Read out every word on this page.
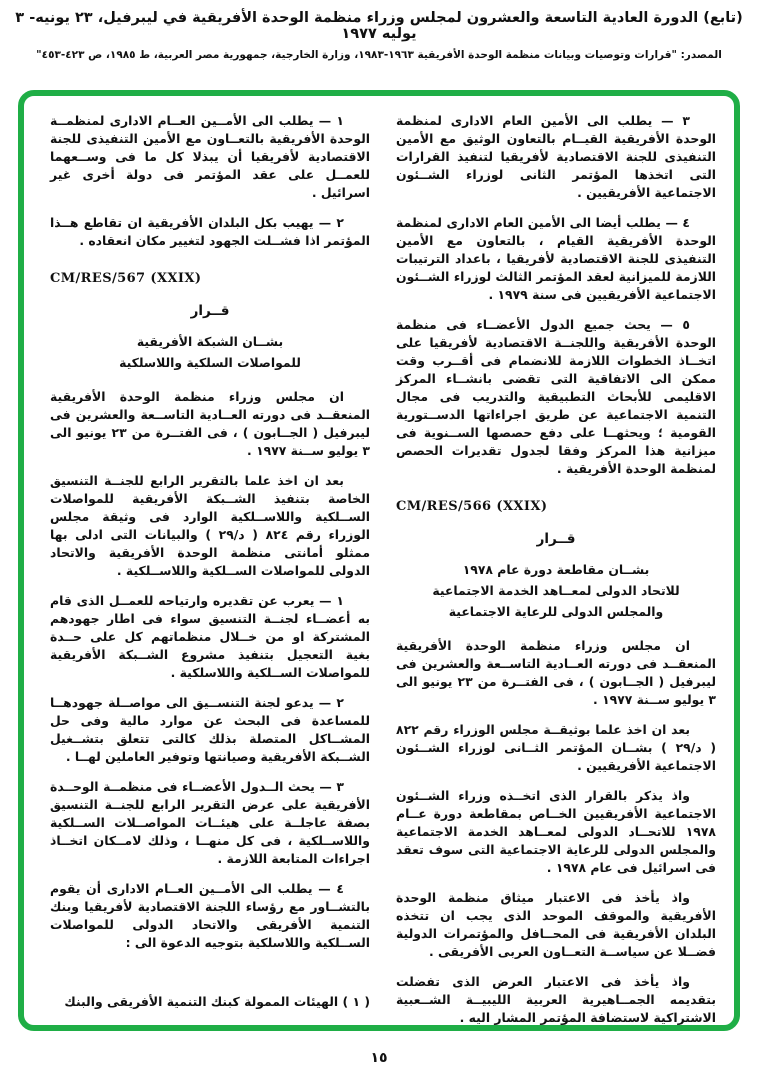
(تابع) الدورة العادية التاسعة والعشرون لمجلس وزراء منظمة الوحدة الأفريقية في ليبرفيل، ٢٣ يونيه- ٣ يوليه ١٩٧٧
المصدر: "قرارات وتوصيات وبيانات منظمة الوحدة الأفريقية ١٩٦٣-١٩٨٣، وزارة الخارجية، جمهورية مصر العربية، ط ١٩٨٥، ص ٤٢٣-٤٥٣"

٣ — يطلب الى الأمين العام الادارى لمنظمة الوحدة الأفريقية القيــام بالتعاون الوثيق مع الأمين التنفيذى للجنة الاقتصادية لأفريقيا لتنفيذ القرارات التى اتخذها المؤتمر الثانى لوزراء الشــئون الاجتماعية الأفريقيين .

٤ — يطلب أيضا الى الأمين العام الادارى لمنظمة الوحدة الأفريقية القيام ، بالتعاون مع الأمين التنفيذى للجنة الاقتصادية لأفريقيا ، باعداد الترتيبات اللازمة للميزانية لعقد المؤتمر الثالث لوزراء الشــئون الاجتماعية الأفريقيين فى سنة ١٩٧٩ .

٥ — يحث جميع الدول الأعضــاء فى منظمة الوحدة الأفريقية واللجنــة الاقتصادية لأفريقيا على اتخــاذ الخطوات اللازمة للانضمام فى أقــرب وقت ممكن الى الاتفاقية التى تقضى بانشــاء المركز الاقليمى للأبحاث التطبيقية والتدريب فى مجال التنمية الاجتماعية عن طريق اجراءاتها الدســتورية القومية ؛ ويحثهــا على دفع حصصها الســنوية فى ميزانية هذا المركز وفقا لجدول تقديرات الحصص لمنظمة الوحدة الأفريقية .

CM/RES/566 (XXIX)
قــرار
بشــان مقاطعة دورة عام ١٩٧٨
للاتحاد الدولى لمعــاهد الخدمة الاجتماعية
والمجلس الدولى للرعاية الاجتماعية

ان مجلس وزراء منظمة الوحدة الأفريقية المنعقــد فى دورته العــادية التاســعة والعشرين فى ليبرفيل ( الجــابون ) ، فى الفتــرة من ٢٣ يونيو الى ٣ يوليو ســنة ١٩٧٧ .

بعد ان اخذ علما بوثيقــة مجلس الوزراء رقم ٨٢٢ ( د/٢٩ ) بشــان المؤتمر الثــانى لوزراء الشــئون الاجتماعية الأفريقيين .

واذ يذكر بالقرار الذى اتخــذه وزراء الشــئون الاجتماعية الأفريقيين الخــاص بمقاطعة دورة عــام ١٩٧٨ للاتحــاد الدولى لمعــاهد الخدمة الاجتماعية والمجلس الدولى للرعاية الاجتماعية التى سوف تعقد فى اسرائيل فى عام ١٩٧٨ .

واذ يأخذ فى الاعتبار ميثاق منظمة الوحدة الأفريقية والموقف الموحد الذى يجب ان تتخذه البلدان الأفريقية فى المحــافل والمؤتمرات الدولية فضــلا عن سياســة التعــاون العربى الأفريقى .

واذ يأخذ فى الاعتبار العرض الذى تفضلت بتقديمه الجمــاهيرية العربية الليبيــة الشــعبية الاشتراكية لاستضافة المؤتمر المشار اليه .

١ — يطلب الى الأمــين العــام الادارى لمنظمــة الوحدة الأفريقية بالتعــاون مع الأمين التنفيذى للجنة الاقتصادية لأفريقيا أن يبذلا كل ما فى وســعهما للعمــل على عقد المؤتمر فى دولة أخرى غير اسرائيل .

٢ — يهيب بكل البلدان الأفريقية ان تقاطع هــذا المؤتمر اذا فشــلت الجهود لتغيير مكان انعقاده .

CM/RES/567 (XXIX)
قــرار
بشــان الشبكة الأفريقية
للمواصلات السلكية واللاسلكية

ان مجلس وزراء منظمة الوحدة الأفريقية المنعقــد فى دورته العــادية التاســعة والعشرين فى ليبرفيل ( الجــابون ) ، فى الفتــرة من ٢٣ يونيو الى ٣ يوليو ســنة ١٩٧٧ .

بعد ان اخذ علما بالتقرير الرابع للجنــة التنسيق الخاصة بتنفيذ الشــبكة الأفريقية للمواصلات الســلكية واللاســلكية الوارد فى وثيقة مجلس الوزراء رقم ٨٢٤ ( د/٢٩ ) والبيانات التى ادلى بها ممثلو أمانتى منظمة الوحدة الأفريقية والاتحاد الدولى للمواصلات الســلكية واللاســلكية .

١ — يعرب عن تقديره وارتياحه للعمــل الذى قام به أعضــاء لجنــة التنسيق سواء فى اطار جهودهم المشتركة او من خــلال منظماتهم كل على حــدة بغية التعجيل بتنفيذ مشروع الشــبكة الأفريقية للمواصلات الســلكية واللاسلكية .

٢ — يدعو لجنة التنســيق الى مواصــلة جهودهــا للمساعدة فى البحث عن موارد مالية وفى حل المشــاكل المتصلة بذلك كالتى تتعلق بتشــغيل الشــبكة الأفريقية وصيانتها وتوفير العاملين لهــا .

٣ — يحث الــدول الأعضــاء فى منظمــة الوحــدة الأفريقية على عرض التقرير الرابع للجنــة التنسيق بصفة عاجلــة على هيئــات المواصــلات الســلكية واللاســلكية ، فى كل منهــا ، وذلك لامــكان اتخــاذ اجراءات المتابعة اللازمة .

٤ — يطلب الى الأمــين العــام الادارى أن يقوم بالتشــاور مع رؤساء اللجنة الاقتصادية لأفريقيا وبنك التنمية الأفريقى والاتحاد الدولى للمواصلات الســلكية واللاسلكية بتوجيه الدعوة الى :

( ١ ) الهيئات الممولة كبنك التنمية الأفريقى والبنك

١٥
